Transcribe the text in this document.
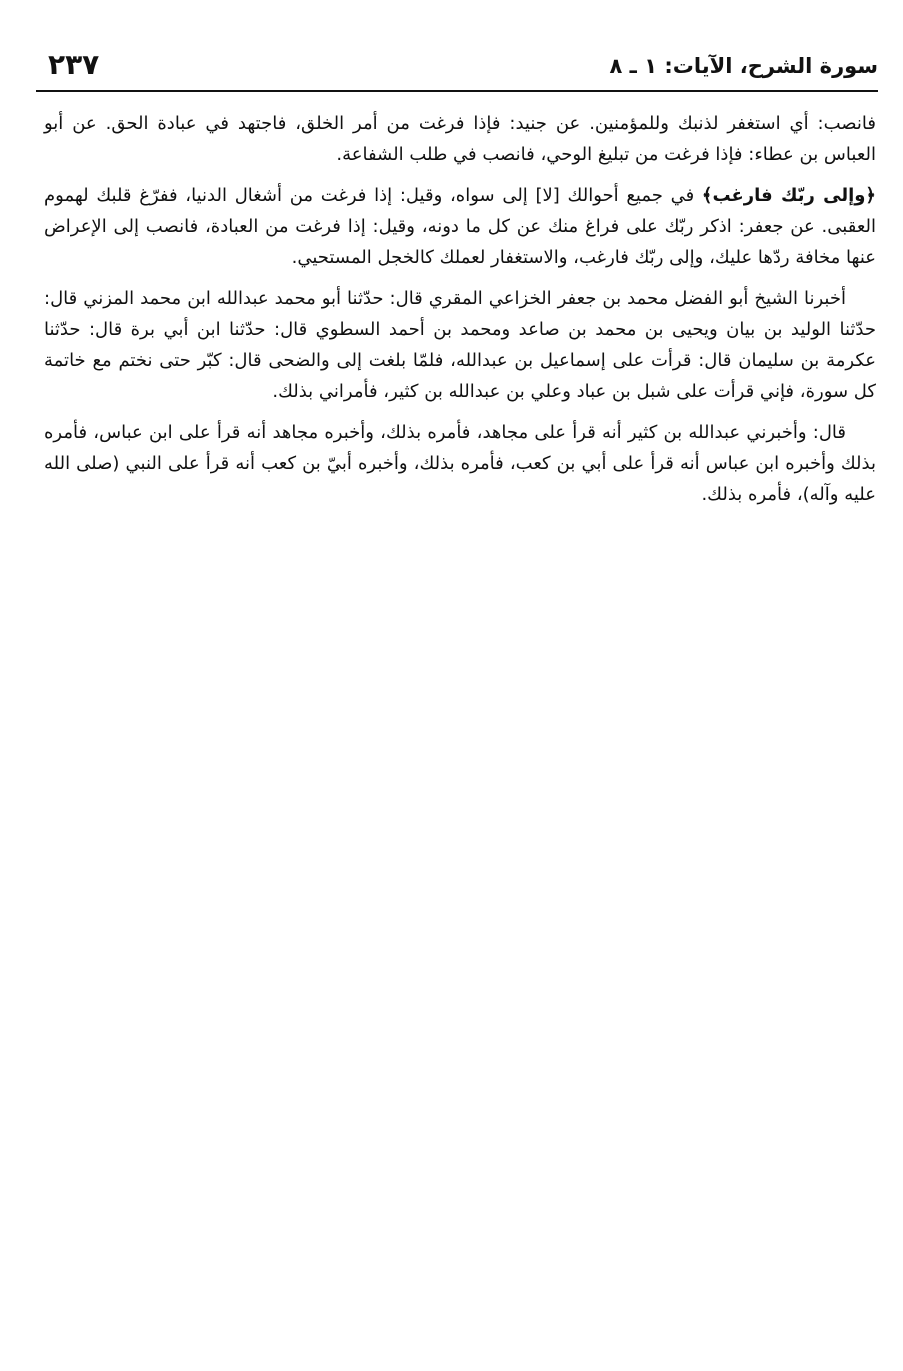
سورة الشرح، الآيات: ١ ـ ٨
٢٣٧

فانصب: أي استغفر لذنبك وللمؤمنين. عن جنيد: فإذا فرغت من أمر الخلق، فاجتهد في عبادة الحق. عن أبو العباس بن عطاء: فإذا فرغت من تبليغ الوحي، فانصب في طلب الشفاعة.

﴿وإلى ربّك فارغب﴾ في جميع أحوالك [لا] إلى سواه، وقيل: إذا فرغت من أشغال الدنيا، ففرّغ قلبك لهموم العقبى. عن جعفر: اذكر ربّك على فراغ منك عن كل ما دونه، وقيل: إذا فرغت من العبادة، فانصب إلى الإعراض عنها مخافة ردّها عليك، وإلى ربّك فارغب، والاستغفار لعملك كالخجل المستحيي.

أخبرنا الشيخ أبو الفضل محمد بن جعفر الخزاعي المقري قال: حدّثنا أبو محمد عبدالله ابن محمد المزني قال: حدّثنا الوليد بن بيان ويحيى بن محمد بن صاعد ومحمد بن أحمد السطوي قال: حدّثنا ابن أبي برة قال: حدّثنا عكرمة بن سليمان قال: قرأت على إسماعيل بن عبدالله، فلمّا بلغت إلى والضحى قال: كبّر حتى نختم مع خاتمة كل سورة، فإني قرأت على شبل بن عباد وعلي بن عبدالله بن كثير، فأمراني بذلك.

قال: وأخبرني عبدالله بن كثير أنه قرأ على مجاهد، فأمره بذلك، وأخبره مجاهد أنه قرأ على ابن عباس، فأمره بذلك وأخبره ابن عباس أنه قرأ على أبي بن كعب، فأمره بذلك، وأخبره أبيّ بن كعب أنه قرأ على النبي (صلى الله عليه وآله)، فأمره بذلك.
